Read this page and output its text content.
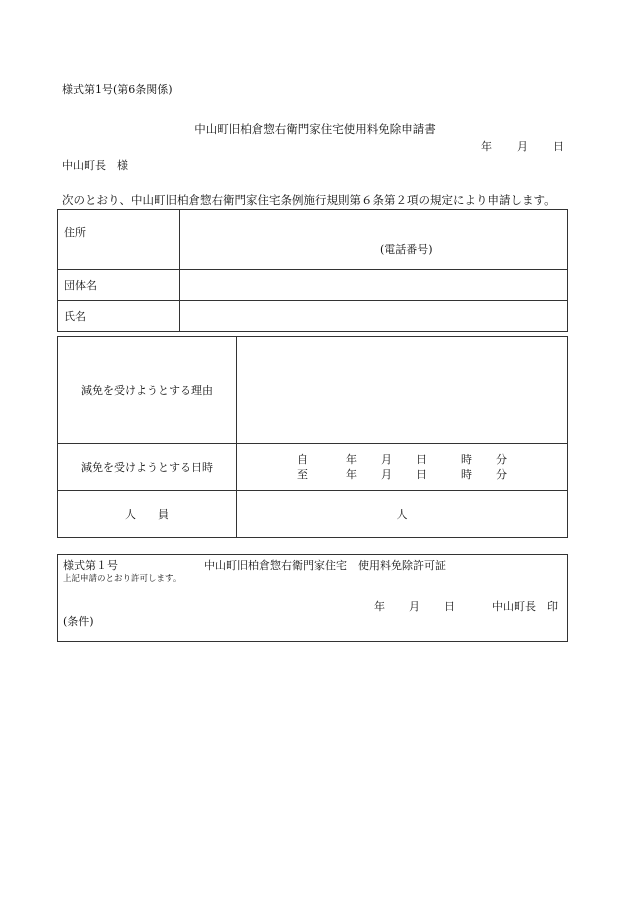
様式第1号(第6条関係)
中山町旧柏倉惣右衛門家住宅使用料免除申請書
年 月 日
中山町長　様
次のとおり、中山町旧柏倉惣右衛門家住宅条例施行規則第６条第２項の規定により申請します。
住所	(電話番号)

団体名	
氏名	
減免を受けようとする理由	
減免を受けようとする日時	自 年 月 日 時 分
至 年 月 日 時 分

人　　員	人
様式第１号	中山町旧柏倉惣右衛門家住宅　使用料免除許可証
上記申請のとおり許可します。
年 月 日	中山町長　印
(条件)
